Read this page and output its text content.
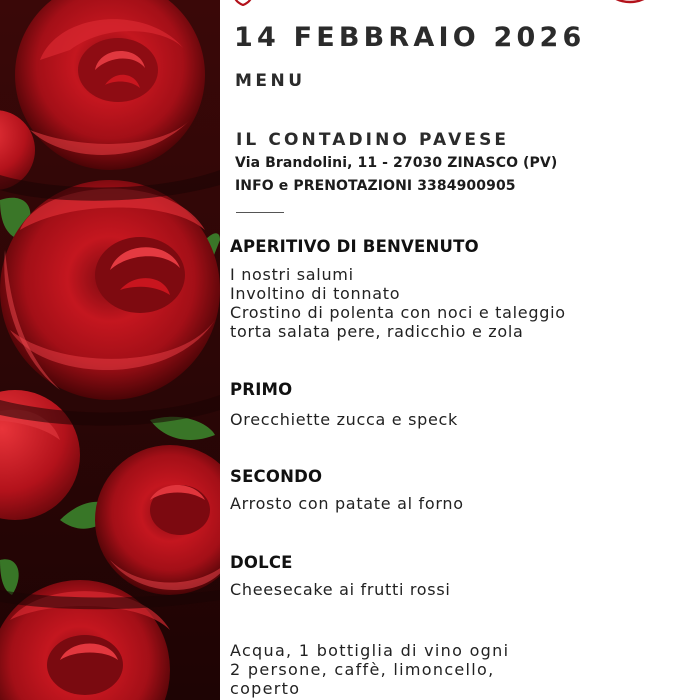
14 FEBBRAIO 2026
MENU
IL CONTADINO PAVESE
Via Brandolini, 11 - 27030 ZINASCO (PV)
INFO e PRENOTAZIONI 3384900905
APERITIVO DI BENVENUTO
I nostri salumi
Involtino di tonnato
Crostino di polenta con noci e taleggio
torta salata pere, radicchio e zola
PRIMO
Orecchiette zucca e speck
SECONDO
Arrosto con patate al forno
DOLCE
Cheesecake ai frutti rossi
Acqua, 1 bottiglia di vino ogni
2 persone, caffè, limoncello,
coperto
